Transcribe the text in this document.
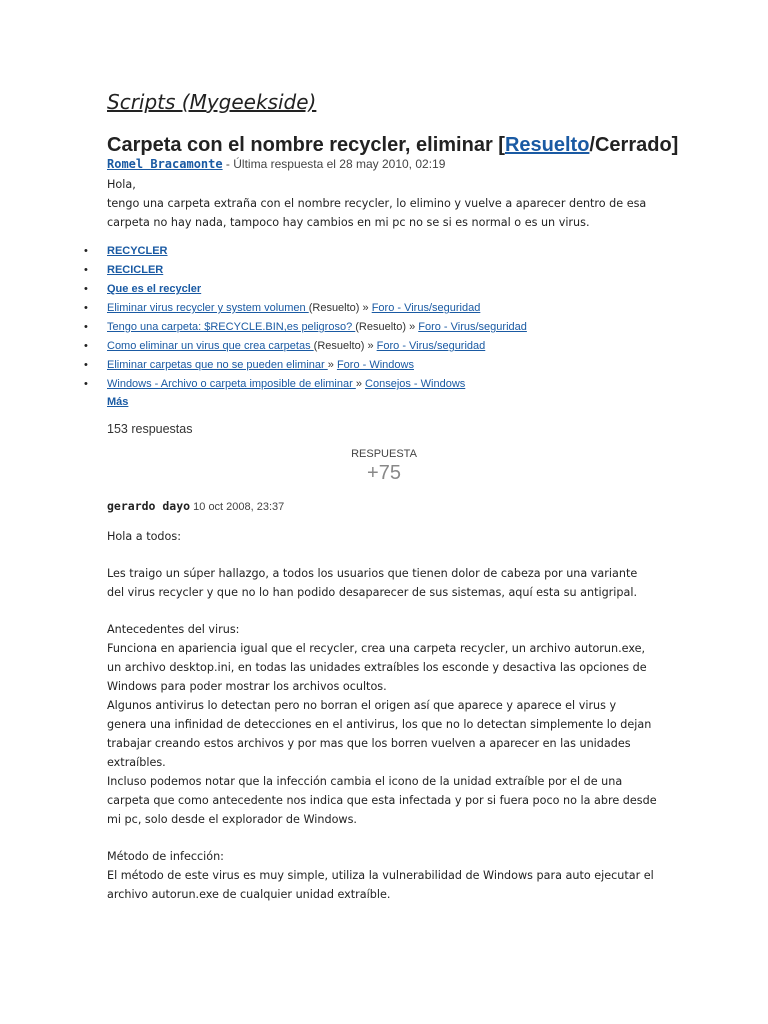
Scripts (Mygeekside)
Carpeta con el nombre recycler, eliminar [Resuelto/Cerrado]
Romel Bracamonte - Última respuesta el 28 may 2010, 02:19

Hola,

tengo una carpeta extraña con el nombre recycler, lo elimino y vuelve a aparecer dentro de esa

carpeta no hay nada, tampoco hay cambios en mi pc no se si es normal o es un virus.

• RECYCLER
• RECICLER
• Que es el recycler
• Eliminar virus recycler y system volumen (Resuelto) » Foro - Virus/seguridad
• Tengo una carpeta: $RECYCLE.BIN,es peligroso? (Resuelto) » Foro - Virus/seguridad
• Como eliminar un virus que crea carpetas (Resuelto) » Foro - Virus/seguridad
• Eliminar carpetas que no se pueden eliminar » Foro - Windows
• Windows - Archivo o carpeta imposible de eliminar » Consejos - Windows
Más
153 respuestas
RESPUESTA
+75
gerardo dayo 10 oct 2008, 23:37

Hola a todos:

Les traigo un súper hallazgo, a todos los usuarios que tienen dolor de cabeza por una variante

del virus recycler y que no lo han podido desaparecer de sus sistemas, aquí esta su antigripal.

Antecedentes del virus:

Funciona en apariencia igual que el recycler, crea una carpeta recycler, un archivo autorun.exe,

un archivo desktop.ini, en todas las unidades extraíbles los esconde y desactiva las opciones de

Windows para poder mostrar los archivos ocultos.

Algunos antivirus lo detectan pero no borran el origen así que aparece y aparece el virus y

genera una infinidad de detecciones en el antivirus, los que no lo detectan simplemente lo dejan

trabajar creando estos archivos y por mas que los borren vuelven a aparecer en las unidades

extraíbles.

Incluso podemos notar que la infección cambia el icono de la unidad extraíble por el de una

carpeta que como antecedente nos indica que esta infectada y por si fuera poco no la abre desde

mi pc, solo desde el explorador de Windows.

Método de infección:

El método de este virus es muy simple, utiliza la vulnerabilidad de Windows para auto ejecutar el

archivo autorun.exe de cualquier unidad extraíble.
